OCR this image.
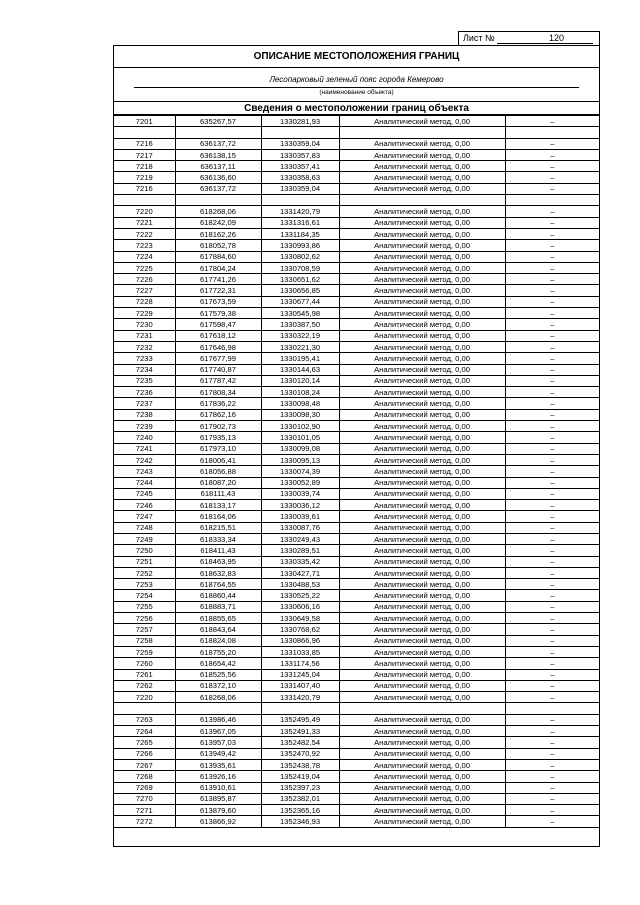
Лист №	120
ОПИСАНИЕ МЕСТОПОЛОЖЕНИЯ ГРАНИЦ
Лесопарковый зеленый пояс города Кемерово
(наименование объекта)
Сведения о местоположении границ объекта
7201	635267,57	1330281,93	Аналитический метод, 0,00	–

7216	636137,72	1330359,04	Аналитический метод, 0,00	–
7217	636138,15	1330357,83	Аналитический метод, 0,00	–
7218	636137,11	1330357,41	Аналитический метод, 0,00	–
7219	636136,60	1330358,63	Аналитический метод, 0,00	–
7216	636137,72	1330359,04	Аналитический метод, 0,00	–

7220	618268,06	1331420,79	Аналитический метод, 0,00	–
7221	618242,09	1331316,61	Аналитический метод, 0,00	–
7222	618162,26	1331184,35	Аналитический метод, 0,00	–
7223	618052,78	1330993,86	Аналитический метод, 0,00	–
7224	617884,60	1330802,62	Аналитический метод, 0,00	–
7225	617804,24	1330708,59	Аналитический метод, 0,00	–
7226	617741,26	1330651,62	Аналитический метод, 0,00	–
7227	617722,31	1330656,85	Аналитический метод, 0,00	–
7228	617673,59	1330677,44	Аналитический метод, 0,00	–
7229	617579,38	1330545,98	Аналитический метод, 0,00	–
7230	617598,47	1330387,50	Аналитический метод, 0,00	–
7231	617618,12	1330322,19	Аналитический метод, 0,00	–
7232	617646,98	1330221,30	Аналитический метод, 0,00	–
7233	617677,99	1330195,41	Аналитический метод, 0,00	–
7234	617740,87	1330144,63	Аналитический метод, 0,00	–
7235	617787,42	1330120,14	Аналитический метод, 0,00	–
7236	617808,34	1330108,24	Аналитический метод, 0,00	–
7237	617836,22	1330098,48	Аналитический метод, 0,00	–
7238	617862,16	1330098,30	Аналитический метод, 0,00	–
7239	617902,73	1330102,90	Аналитический метод, 0,00	–
7240	617935,13	1330101,05	Аналитический метод, 0,00	–
7241	617973,10	1330099,08	Аналитический метод, 0,00	–
7242	618006,41	1330095,13	Аналитический метод, 0,00	–
7243	618056,88	1330074,39	Аналитический метод, 0,00	–
7244	618087,20	1330052,89	Аналитический метод, 0,00	–
7245	618111,43	1330039,74	Аналитический метод, 0,00	–
7246	618133,17	1330036,12	Аналитический метод, 0,00	–
7247	618164,06	1330039,61	Аналитический метод, 0,00	–
7248	618215,51	1330087,76	Аналитический метод, 0,00	–
7249	618333,34	1330249,43	Аналитический метод, 0,00	–
7250	618411,43	1330289,51	Аналитический метод, 0,00	–
7251	618463,95	1330335,42	Аналитический метод, 0,00	–
7252	618632,83	1330427,71	Аналитический метод, 0,00	–
7253	618764,55	1330488,53	Аналитический метод, 0,00	–
7254	618860,44	1330525,22	Аналитический метод, 0,00	–
7255	618883,71	1330606,16	Аналитический метод, 0,00	–
7256	618855,65	1330649,58	Аналитический метод, 0,00	–
7257	618843,64	1330768,62	Аналитический метод, 0,00	–
7258	618824,08	1330866,96	Аналитический метод, 0,00	–
7259	618755,20	1331033,85	Аналитический метод, 0,00	–
7260	618654,42	1331174,56	Аналитический метод, 0,00	–
7261	618525,56	1331245,04	Аналитический метод, 0,00	–
7262	618372,10	1331407,40	Аналитический метод, 0,00	–
7220	618268,06	1331420,79	Аналитический метод, 0,00	–

7263	613986,46	1352495,49	Аналитический метод, 0,00	–
7264	613967,05	1352491,33	Аналитический метод, 0,00	–
7265	613957,03	1352482,54	Аналитический метод, 0,00	–
7266	613949,42	1352470,92	Аналитический метод, 0,00	–
7267	613935,61	1352438,78	Аналитический метод, 0,00	–
7268	613926,16	1352419,04	Аналитический метод, 0,00	–
7269	613910,61	1352397,23	Аналитический метод, 0,00	–
7270	613895,87	1352382,01	Аналитический метод, 0,00	–
7271	613879,60	1352365,16	Аналитический метод, 0,00	–
7272	613866,92	1352346,93	Аналитический метод, 0,00	–
